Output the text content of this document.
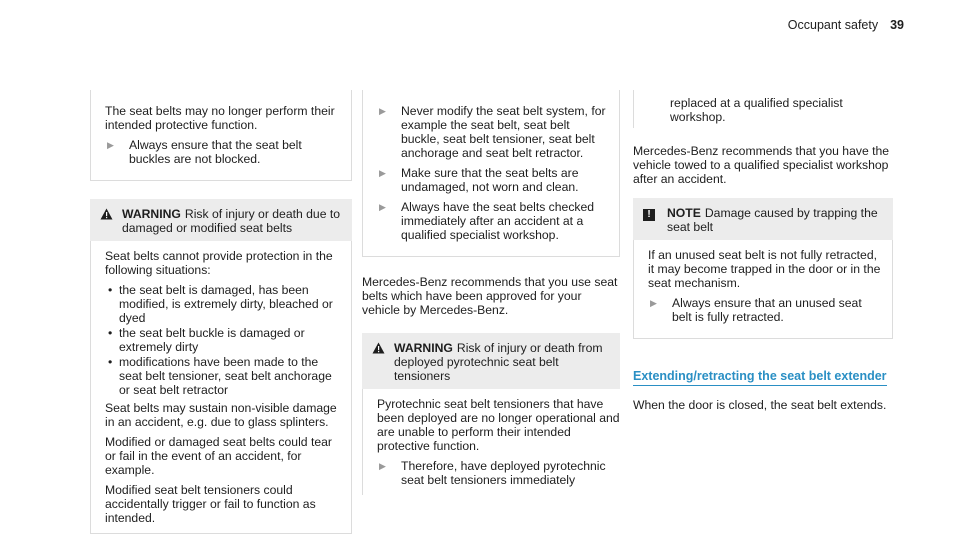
Occupant safety 39

The seat belts may no longer perform their intended protective function.

▶	Always ensure that the seat belt buckles are not blocked.
WARNING Risk of injury or death due to damaged or modified seat belts

Seat belts cannot provide protection in the following situations:

• the seat belt is damaged, has been modified, is extremely dirty, bleached or dyed
• the seat belt buckle is damaged or extremely dirty
• modifications have been made to the seat belt tensioner, seat belt anchorage or seat belt retractor

Seat belts may sustain non-visible damage in an accident, e.g. due to glass splinters.

Modified or damaged seat belts could tear or fail in the event of an accident, for example.

Modified seat belt tensioners could accidentally trigger or fail to function as intended.

▶	Never modify the seat belt system, for example the seat belt, seat belt buckle, seat belt tensioner, seat belt anchorage and seat belt retractor.
▶	Make sure that the seat belts are undamaged, not worn and clean.
▶	Always have the seat belts checked immediately after an accident at a qualified specialist workshop.

Mercedes-Benz recommends that you use seat belts which have been approved for your vehicle by Mercedes-Benz.

WARNING Risk of injury or death from deployed pyrotechnic seat belt tensioners

Pyrotechnic seat belt tensioners that have been deployed are no longer operational and are unable to perform their intended protective function.

▶	Therefore, have deployed pyrotechnic seat belt tensioners immediately
replaced at a qualified specialist workshop.

Mercedes-Benz recommends that you have the vehicle towed to a qualified specialist workshop after an accident.

!	NOTE Damage caused by trapping the seat belt

If an unused seat belt is not fully retracted, it may become trapped in the door or in the seat mechanism.

▶	Always ensure that an unused seat belt is fully retracted.
Extending/retracting the seat belt extender

When the door is closed, the seat belt extends.
